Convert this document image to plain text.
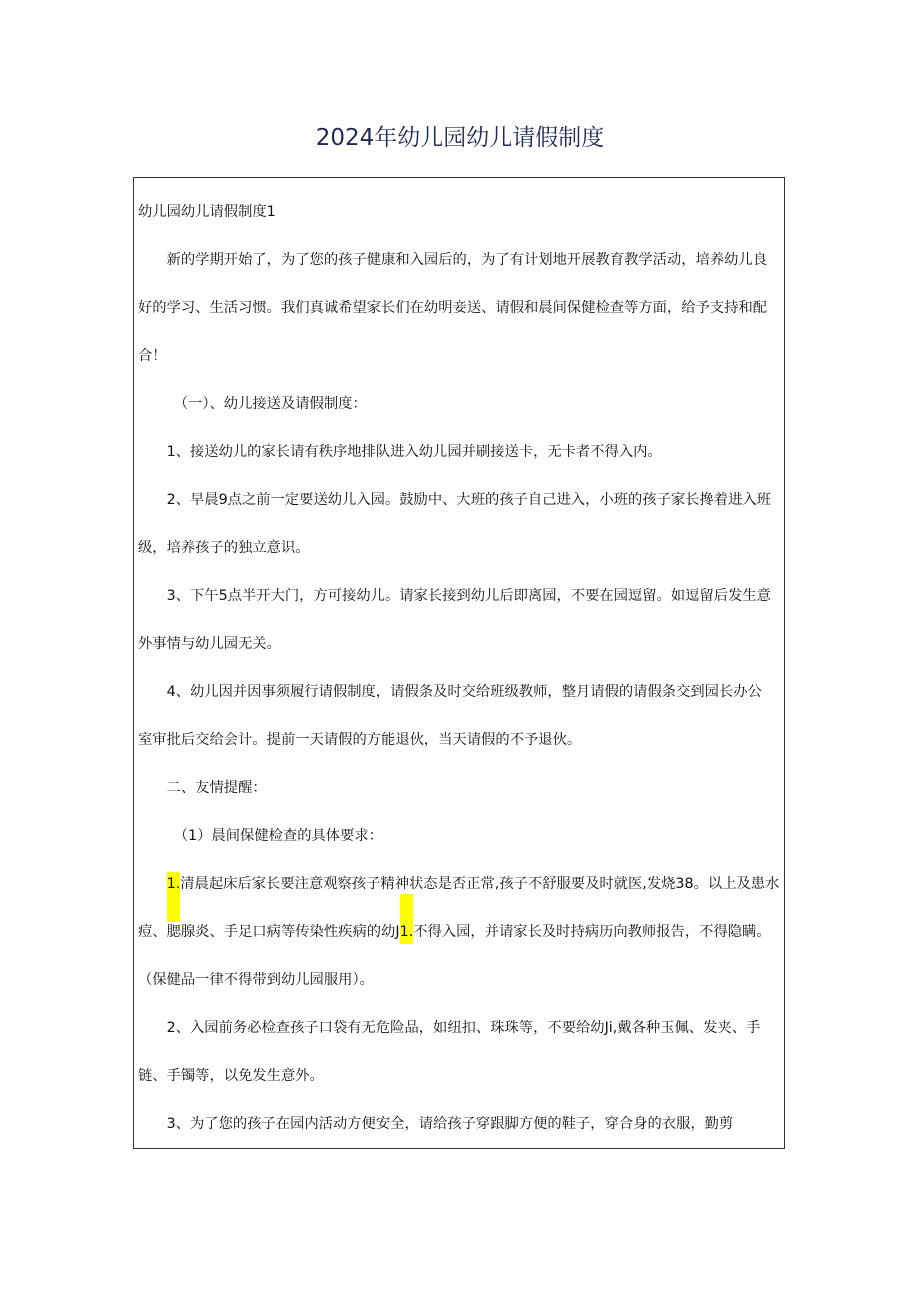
2024年幼儿园幼儿请假制度

幼儿园幼儿请假制度1

　　新的学期开始了，为了您的孩子健康和入园后的，为了有计划地开展教育教学活动，培养幼儿良
好的学习、生活习惯。我们真诚希望家长们在幼明妾送、请假和晨间保健检查等方面，给予支持和配
合！
　　　（一）、幼儿接送及请假制度：
　　1、接送幼儿的家长请有秩序地排队进入幼儿园并刷接送卡，无卡者不得入内。
　　2、早晨9点之前一定要送幼儿入园。鼓励中、大班的孩子自己进入，小班的孩子家长搀着进入班
级，培养孩子的独立意识。
　　3、下午5点半开大门，方可接幼儿。请家长接到幼儿后即离园，不要在园逗留。如逗留后发生意
外事情与幼儿园无关。
　　4、幼儿因并因事须履行请假制度，请假条及时交给班级教师，整月请假的请假条交到园长办公
室审批后交给会计。提前一天请假的方能退伙，当天请假的不予退伙。
　　二、友情提醒：
　　　（1）晨间保健检查的具体要求：
　　1.清晨起床后家长要注意观察孩子精神状态是否正常,孩子不舒服要及时就医,发烧38。以上及患水
痘、腮腺炎、手足口病等传染性疾病的幼J1.不得入园，并请家长及时持病历向教师报告，不得隐瞒。
（保健品一律不得带到幼儿园服用）。
　　2、入园前务必检查孩子口袋有无危险品，如纽扣、珠珠等，不要给幼Ji,戴各种玉佩、发夹、手
链、手镯等，以免发生意外。
　　3、为了您的孩子在园内活动方便安全，请给孩子穿跟脚方便的鞋子，穿合身的衣服，勤剪
